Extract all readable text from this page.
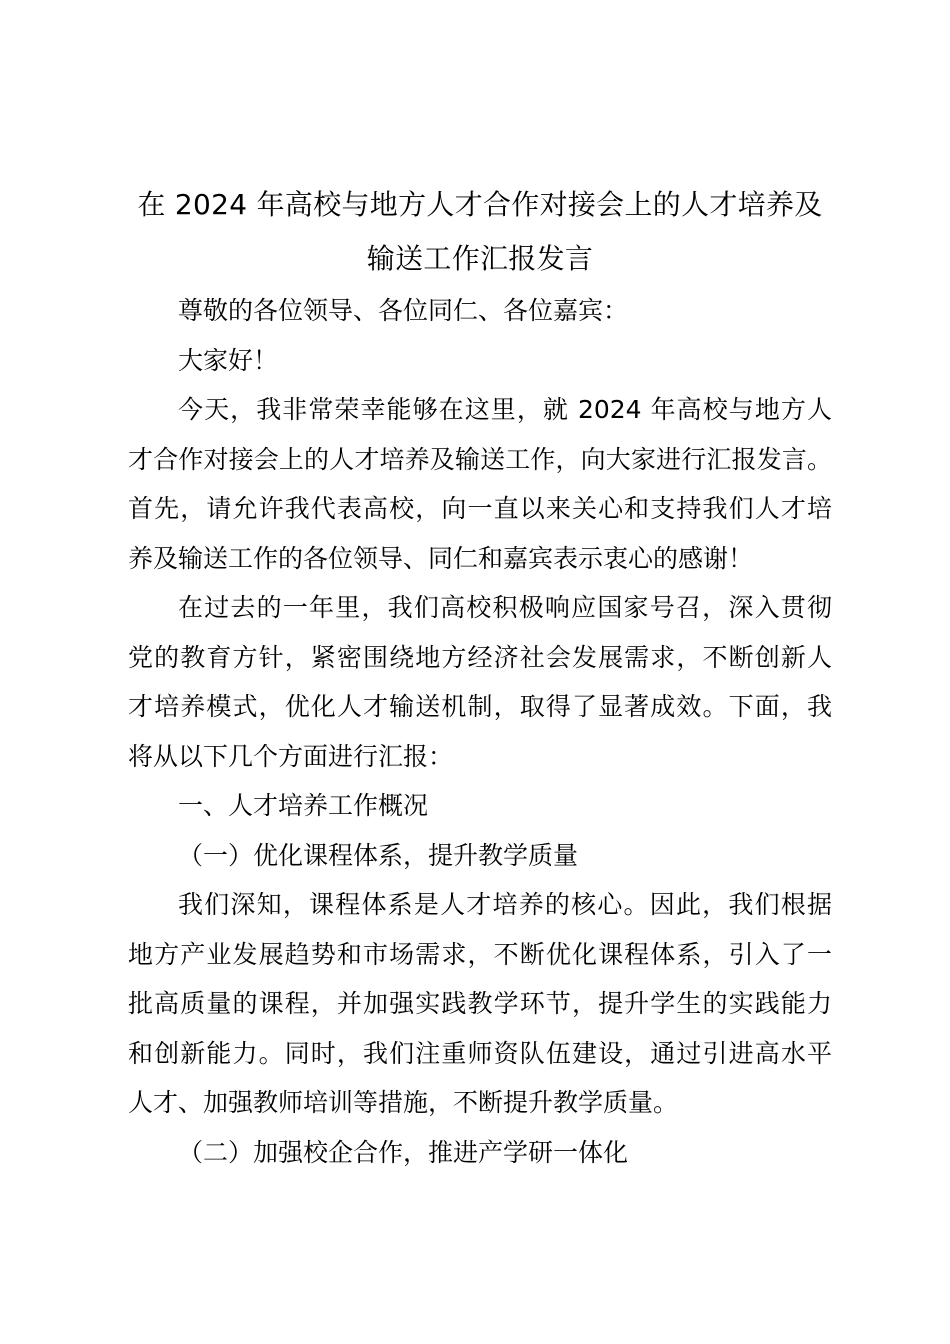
在 2024 年高校与地方人才合作对接会上的人才培养及
输送工作汇报发言

尊敬的各位领导、各位同仁、各位嘉宾：

大家好！

今天，我非常荣幸能够在这里，就 2024 年高校与地方人
才合作对接会上的人才培养及输送工作，向大家进行汇报发言。
首先，请允许我代表高校，向一直以来关心和支持我们人才培
养及输送工作的各位领导、同仁和嘉宾表示衷心的感谢！

在过去的一年里，我们高校积极响应国家号召，深入贯彻
党的教育方针，紧密围绕地方经济社会发展需求，不断创新人
才培养模式，优化人才输送机制，取得了显著成效。下面，我
将从以下几个方面进行汇报：

一、人才培养工作概况

（一）优化课程体系，提升教学质量

我们深知，课程体系是人才培养的核心。因此，我们根据
地方产业发展趋势和市场需求，不断优化课程体系，引入了一
批高质量的课程，并加强实践教学环节，提升学生的实践能力
和创新能力。同时，我们注重师资队伍建设，通过引进高水平
人才、加强教师培训等措施，不断提升教学质量。

（二）加强校企合作，推进产学研一体化
